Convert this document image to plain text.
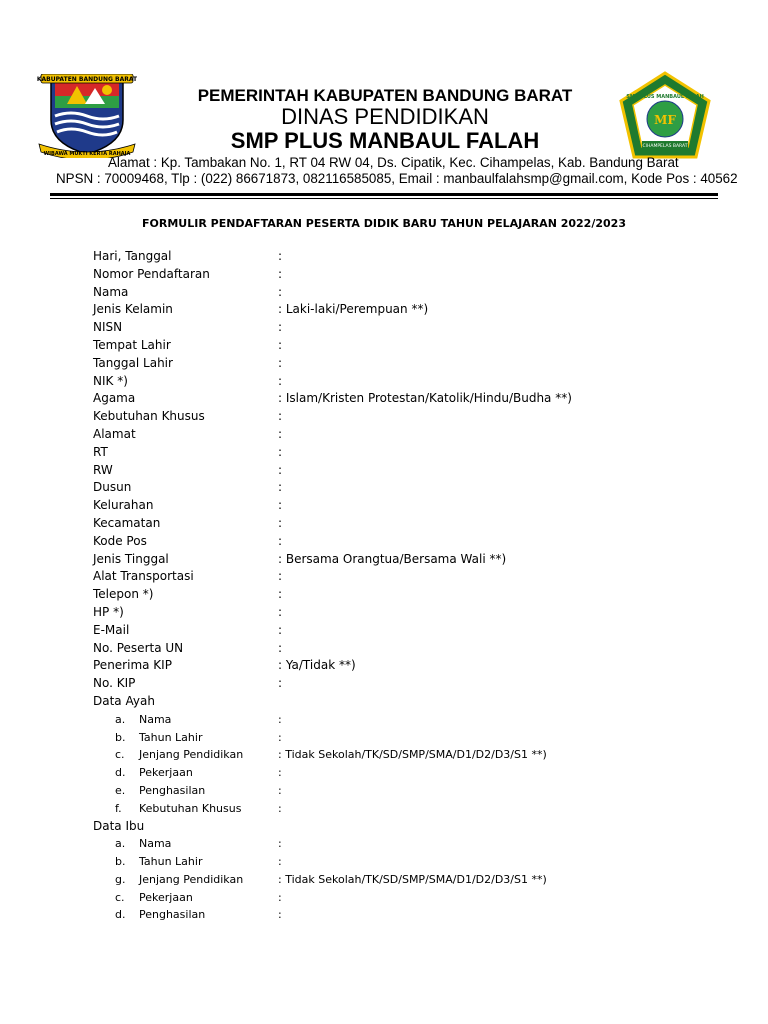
KABUPATEN BANDUNG BARAT
WIBAWA MUKTI KERTA RAHAJA
MF
SMP PLUS MANBAUL FALAH
CIHAMPELAS BARAT
PEMERINTAH KABUPATEN BANDUNG BARAT
DINAS PENDIDIKAN
SMP PLUS MANBAUL FALAH
Alamat : Kp. Tambakan No. 1, RT 04 RW 04, Ds. Cipatik, Kec. Cihampelas, Kab. Bandung Barat
NPSN : 70009468, Tlp : (022) 86671873, 082116585085, Email : manbaulfalahsmp@gmail.com, Kode Pos : 40562
FORMULIR PENDAFTARAN PESERTA DIDIK BARU TAHUN PELAJARAN 2022/2023
Hari, Tanggal	:
Nomor Pendaftaran	:
Nama	:
Jenis Kelamin	: Laki-laki/Perempuan **)
NISN	:
Tempat Lahir	:
Tanggal Lahir	:
NIK *)	:
Agama	: Islam/Kristen Protestan/Katolik/Hindu/Budha **)
Kebutuhan Khusus	:
Alamat	:
RT	:
RW	:
Dusun	:
Kelurahan	:
Kecamatan	:
Kode Pos	:
Jenis Tinggal	: Bersama Orangtua/Bersama Wali **)
Alat Transportasi	:
Telepon *)	:
HP *)	:
E-Mail	:
No. Peserta UN	:
Penerima KIP	: Ya/Tidak **)
No. KIP	:
Data Ayah
a. Nama	:
b. Tahun Lahir	:
c. Jenjang Pendidikan	: Tidak Sekolah/TK/SD/SMP/SMA/D1/D2/D3/S1 **)
d. Pekerjaan	:
e. Penghasilan	:
f. Kebutuhan Khusus	:
Data Ibu
a. Nama	:
b. Tahun Lahir	:
g. Jenjang Pendidikan	: Tidak Sekolah/TK/SD/SMP/SMA/D1/D2/D3/S1 **)
c. Pekerjaan	:
d. Penghasilan	:
